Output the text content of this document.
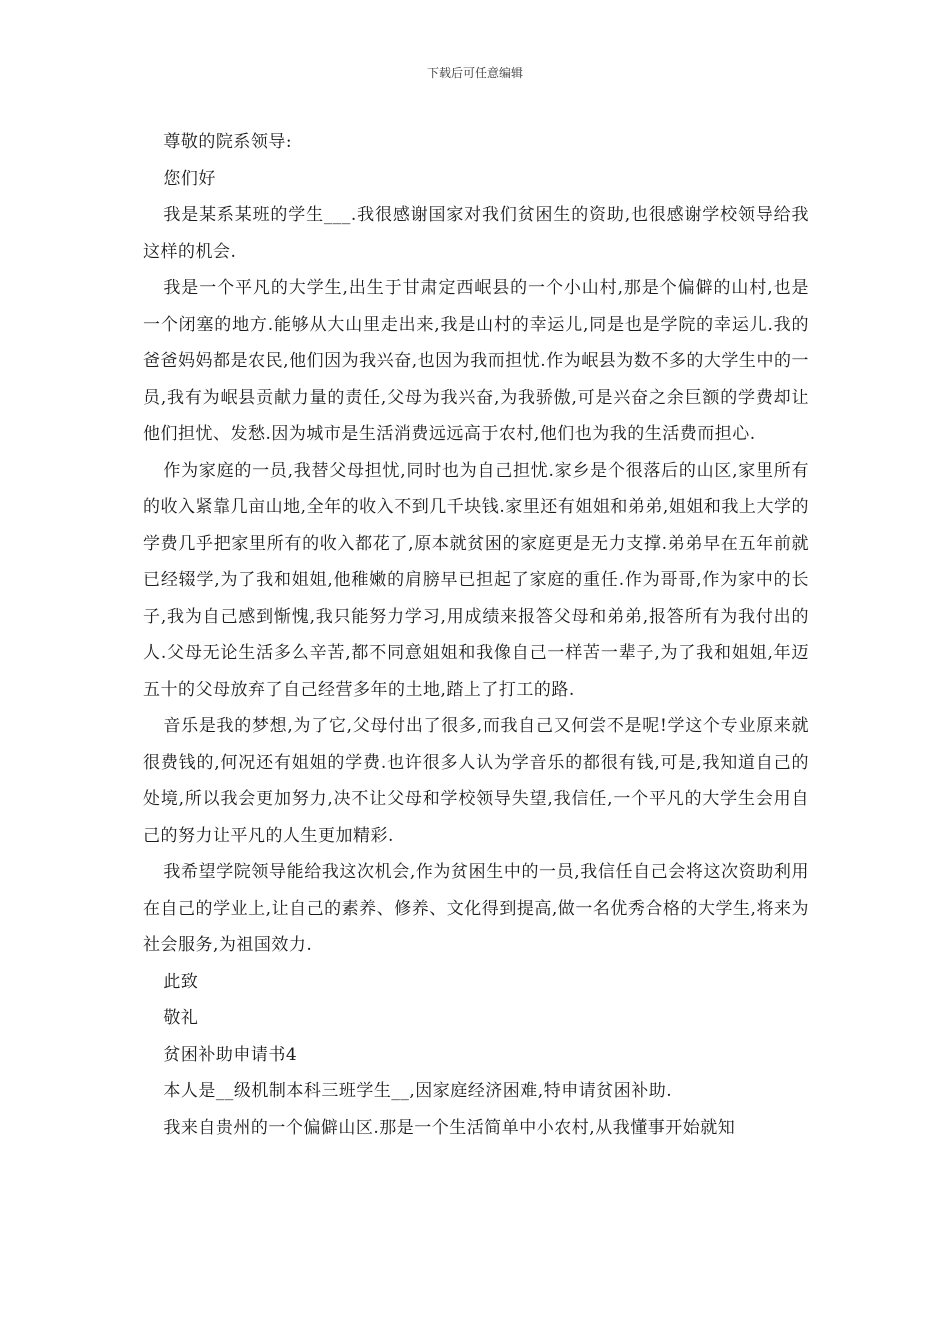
下载后可任意编辑

尊敬的院系领导:

您们好

我是某系某班的学生___.我很感谢国家对我们贫困生的资助,也很感谢学校领导给我这样的机会.

我是一个平凡的大学生,出生于甘肃定西岷县的一个小山村,那是个偏僻的山村,也是一个闭塞的地方.能够从大山里走出来,我是山村的幸运儿,同是也是学院的幸运儿.我的爸爸妈妈都是农民,他们因为我兴奋,也因为我而担忧.作为岷县为数不多的大学生中的一员,我有为岷县贡献力量的责任,父母为我兴奋,为我骄傲,可是兴奋之余巨额的学费却让他们担忧、发愁.因为城市是生活消费远远高于农村,他们也为我的生活费而担心.

作为家庭的一员,我替父母担忧,同时也为自己担忧.家乡是个很落后的山区,家里所有的收入紧靠几亩山地,全年的收入不到几千块钱.家里还有姐姐和弟弟,姐姐和我上大学的学费几乎把家里所有的收入都花了,原本就贫困的家庭更是无力支撑.弟弟早在五年前就已经辍学,为了我和姐姐,他稚嫩的肩膀早已担起了家庭的重任.作为哥哥,作为家中的长子,我为自己感到惭愧,我只能努力学习,用成绩来报答父母和弟弟,报答所有为我付出的人.父母无论生活多么辛苦,都不同意姐姐和我像自己一样苦一辈子,为了我和姐姐,年迈五十的父母放弃了自己经营多年的土地,踏上了打工的路.

音乐是我的梦想,为了它,父母付出了很多,而我自己又何尝不是呢!学这个专业原来就很费钱的,何况还有姐姐的学费.也许很多人认为学音乐的都很有钱,可是,我知道自己的处境,所以我会更加努力,决不让父母和学校领导失望,我信任,一个平凡的大学生会用自己的努力让平凡的人生更加精彩.

我希望学院领导能给我这次机会,作为贫困生中的一员,我信任自己会将这次资助利用在自己的学业上,让自己的素养、修养、文化得到提高,做一名优秀合格的大学生,将来为社会服务,为祖国效力.

此致

敬礼

贫困补助申请书4

本人是__级机制本科三班学生__,因家庭经济困难,特申请贫困补助.

我来自贵州的一个偏僻山区.那是一个生活简单中小农村,从我懂事开始就知
